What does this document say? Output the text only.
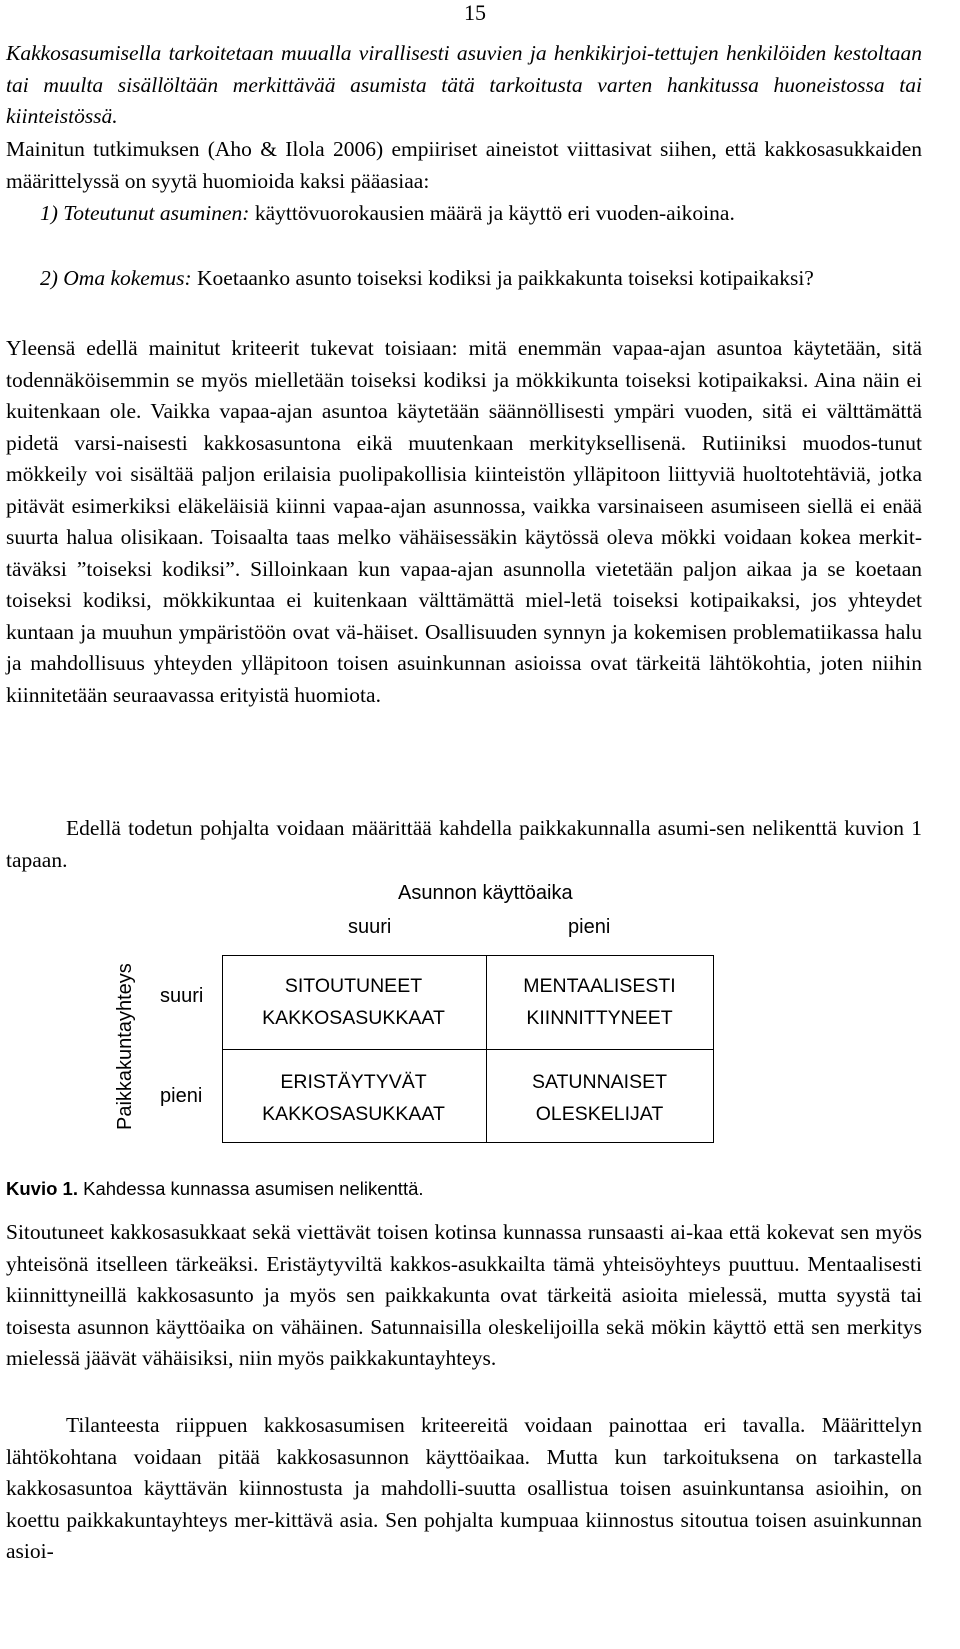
15

Kakkosasumisella tarkoitetaan muualla virallisesti asuvien ja henkikirjoi-tettujen henkilöiden kestoltaan tai muulta sisällöltään merkittävää asumista tätä tarkoitusta varten hankitussa huoneistossa tai kiinteistössä.

Mainitun tutkimuksen (Aho & Ilola 2006) empiiriset aineistot viittasivat siihen, että kakkosasukkaiden määrittelyssä on syytä huomioida kaksi pääasiaa:

1) Toteutunut asuminen: käyttövuorokausien määrä ja käyttö eri vuoden-aikoina.

2) Oma kokemus: Koetaanko asunto toiseksi kodiksi ja paikkakunta toiseksi kotipaikaksi?

Yleensä edellä mainitut kriteerit tukevat toisiaan: mitä enemmän vapaa-ajan asuntoa käytetään, sitä todennäköisemmin se myös mielletään toiseksi kodiksi ja mökkikunta toiseksi kotipaikaksi. Aina näin ei kuitenkaan ole. Vaikka vapaa-ajan asuntoa käytetään säännöllisesti ympäri vuoden, sitä ei välttämättä pidetä varsi-naisesti kakkosasuntona eikä muutenkaan merkityksellisenä. Rutiiniksi muodos-tunut mökkeily voi sisältää paljon erilaisia puolipakollisia kiinteistön ylläpitoon liittyviä huoltotehtäviä, jotka pitävät esimerkiksi eläkeläisiä kiinni vapaa-ajan asunnossa, vaikka varsinaiseen asumiseen siellä ei enää suurta halua olisikaan. Toisaalta taas melko vähäisessäkin käytössä oleva mökki voidaan kokea merkit-täväksi ”toiseksi kodiksi”. Silloinkaan kun vapaa-ajan asunnolla vietetään paljon aikaa ja se koetaan toiseksi kodiksi, mökkikuntaa ei kuitenkaan välttämättä miel-letä toiseksi kotipaikaksi, jos yhteydet kuntaan ja muuhun ympäristöön ovat vä-häiset. Osallisuuden synnyn ja kokemisen problematiikassa halu ja mahdollisuus yhteyden ylläpitoon toisen asuinkunnan asioissa ovat tärkeitä lähtökohtia, joten niihin kiinnitetään seuraavassa erityistä huomiota.

Edellä todetun pohjalta voidaan määrittää kahdella paikkakunnalla asumi-sen nelikenttä kuvion 1 tapaan.

Asunnon käyttöaika
suuri	pieni
Paikkakuntayhteys suuri
pieni
SITOUTUNEET
KAKKOSASUKKAAT
MENTAALISESTI
KIINNITTYNEET
ERISTÄYTYVÄT
KAKKOSASUKKAAT
SATUNNAISET
OLESKELIJAT
Kuvio 1. Kahdessa kunnassa asumisen nelikenttä.

Sitoutuneet kakkosasukkaat sekä viettävät toisen kotinsa kunnassa runsaasti ai-kaa että kokevat sen myös yhteisönä itselleen tärkeäksi. Eristäytyviltä kakkos-asukkailta tämä yhteisöyhteys puuttuu. Mentaalisesti kiinnittyneillä kakkosasunto ja myös sen paikkakunta ovat tärkeitä asioita mielessä, mutta syystä tai toisesta asunnon käyttöaika on vähäinen. Satunnaisilla oleskelijoilla sekä mökin käyttö että sen merkitys mielessä jäävät vähäisiksi, niin myös paikkakuntayhteys.

Tilanteesta riippuen kakkosasumisen kriteereitä voidaan painottaa eri tavalla. Määrittelyn lähtökohtana voidaan pitää kakkosasunnon käyttöaikaa. Mutta kun tarkoituksena on tarkastella kakkosasuntoa käyttävän kiinnostusta ja mahdolli-suutta osallistua toisen asuinkuntansa asioihin, on koettu paikkakuntayhteys mer-kittävä asia. Sen pohjalta kumpuaa kiinnostus sitoutua toisen asuinkunnan asioi-
